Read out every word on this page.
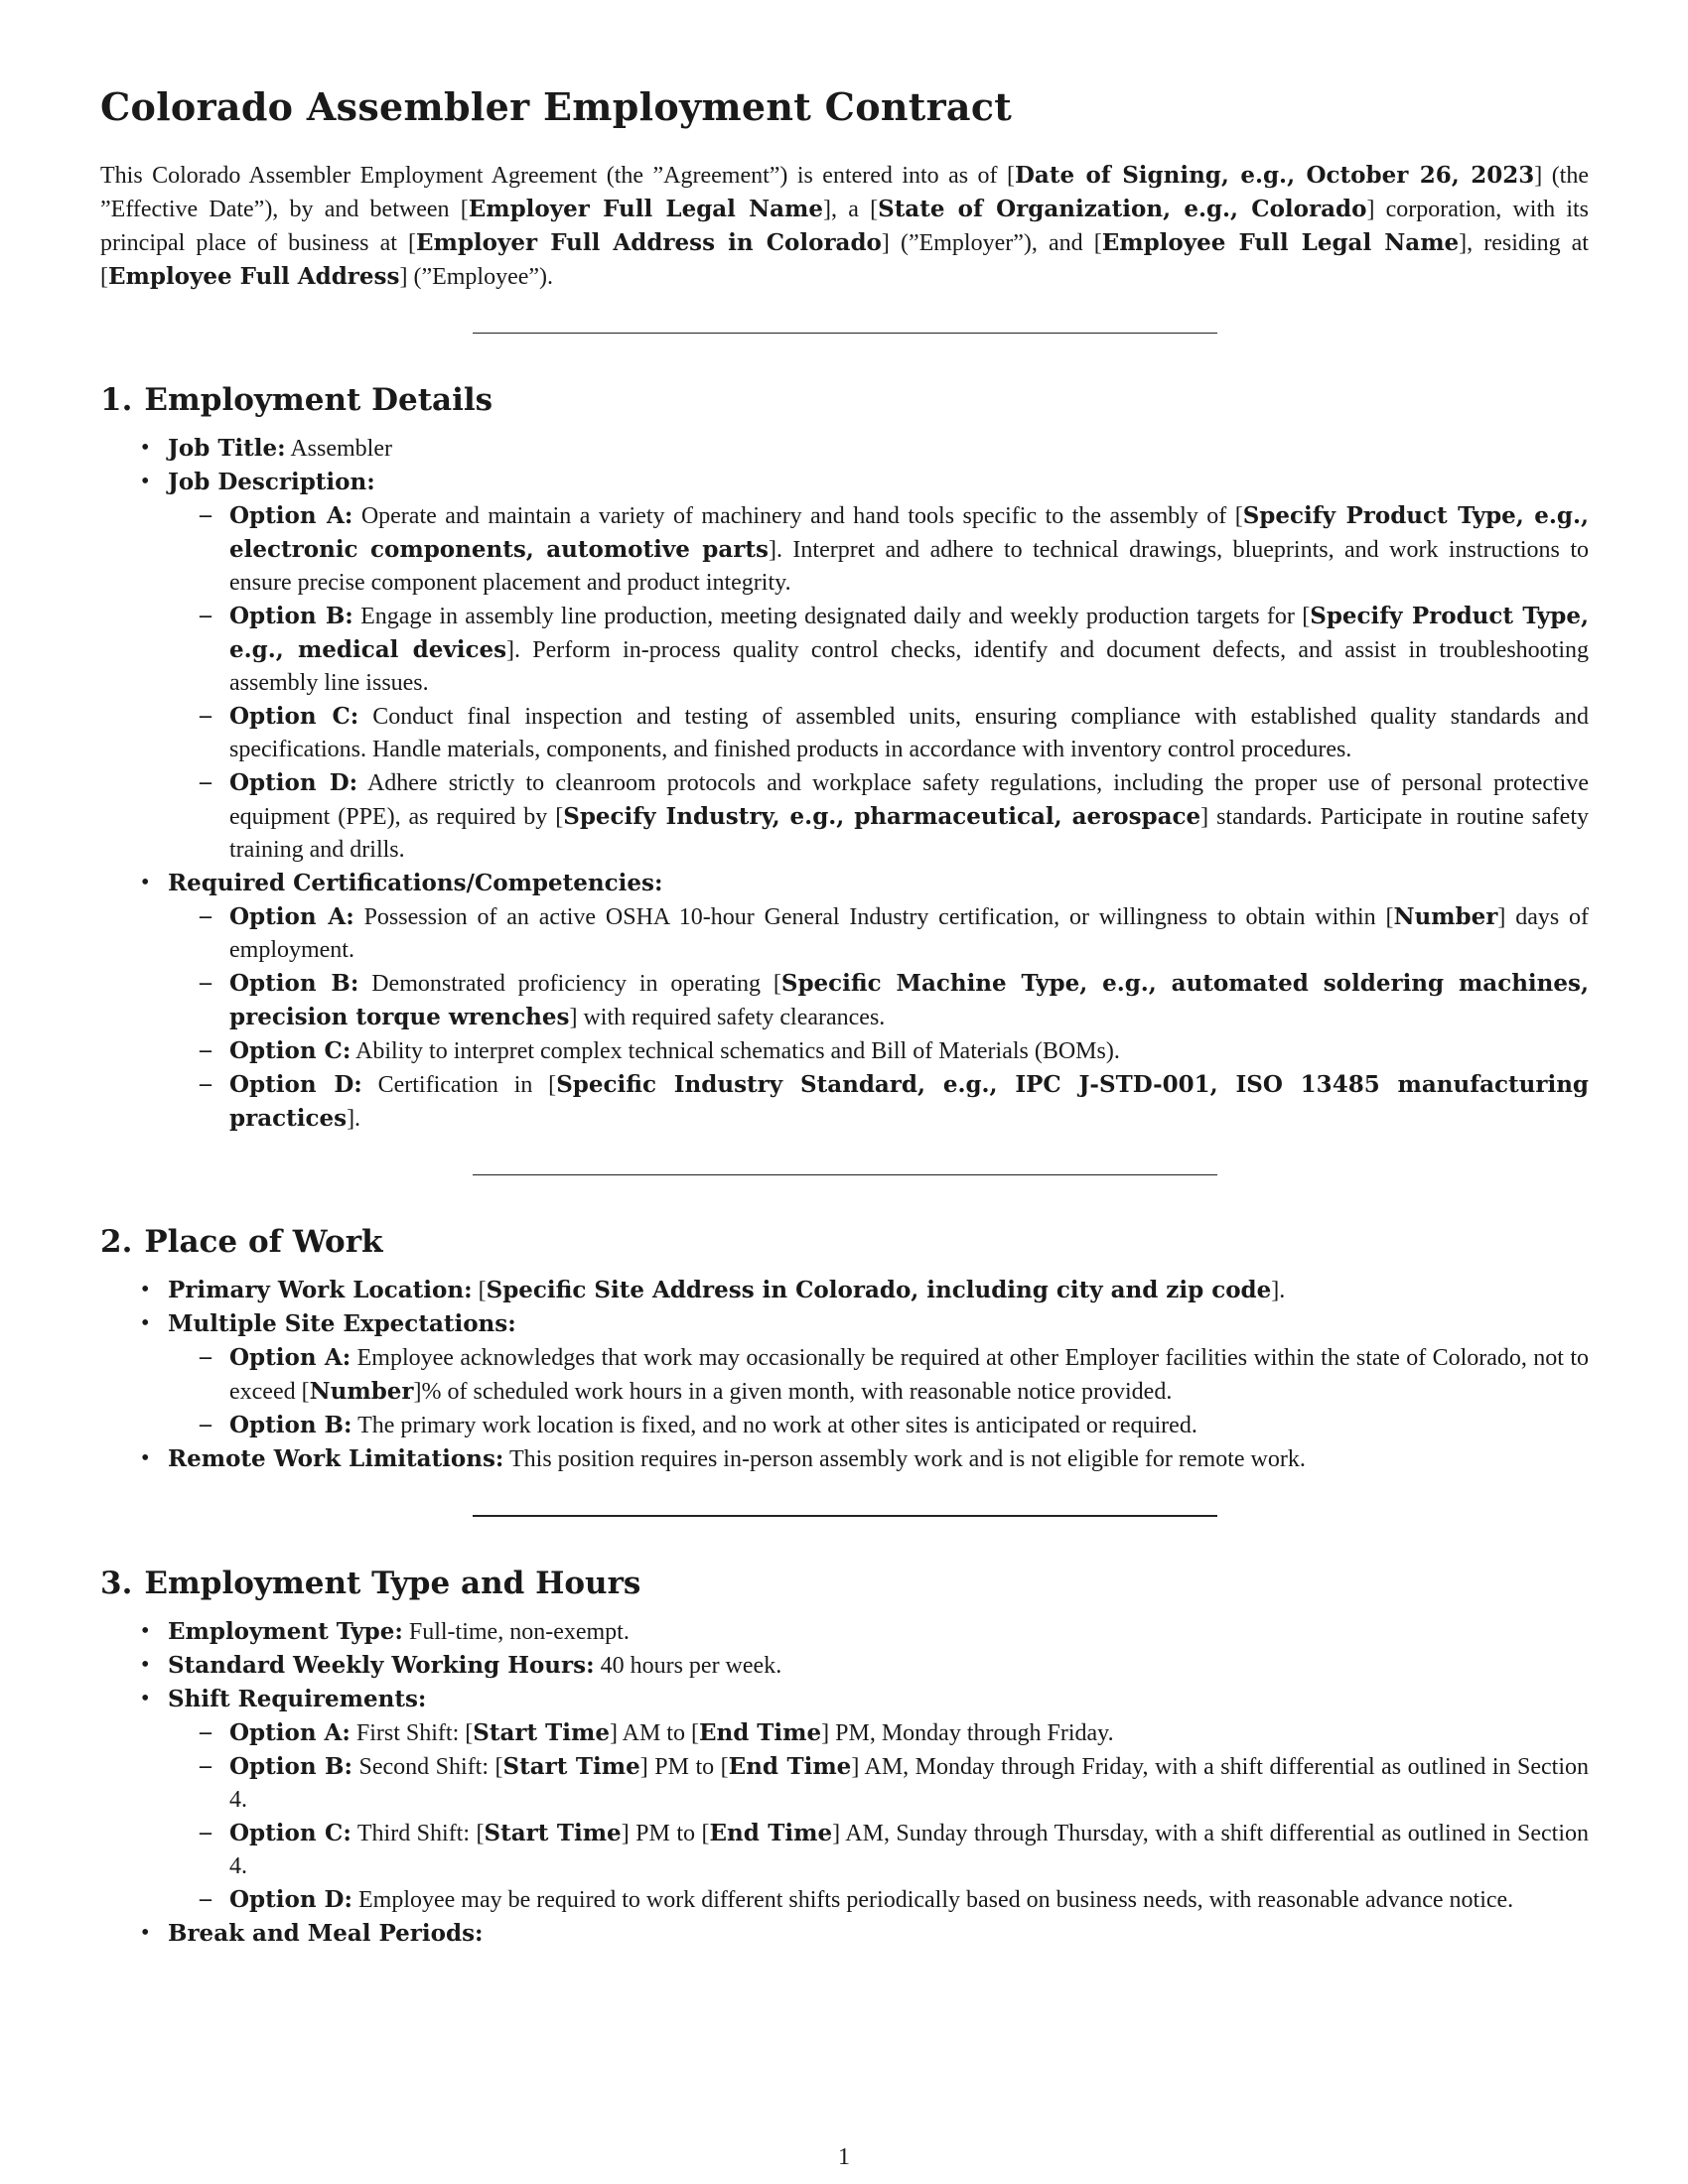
Colorado Assembler Employment Contract

This Colorado Assembler Employment Agreement (the ”Agreement”) is entered into as of [Date of Signing, e.g., October 26, 2023] (the ”Effective Date”), by and between [Employer Full Legal Name], a [State of Organization, e.g., Colorado] corporation, with its principal place of business at [Employer Full Address in Colorado] (”Employer”), and [Employee Full Legal Name], residing at [Employee Full Address] (”Employee”).

1. Employment Details
• Job Title: Assembler
• Job Description:
– Option A: Operate and maintain a variety of machinery and hand tools specific to the assembly of [Specify Product Type, e.g., electronic components, automotive parts]. Interpret and adhere to technical drawings, blueprints, and work instructions to ensure precise component placement and product integrity.
– Option B: Engage in assembly line production, meeting designated daily and weekly production targets for [Specify Product Type, e.g., medical devices]. Perform in-process quality control checks, identify and document defects, and assist in troubleshooting assembly line issues.
– Option C: Conduct final inspection and testing of assembled units, ensuring compliance with established quality standards and specifications. Handle materials, components, and finished products in accordance with inventory control procedures.
– Option D: Adhere strictly to cleanroom protocols and workplace safety regulations, including the proper use of personal protective equipment (PPE), as required by [Specify Industry, e.g., pharmaceutical, aerospace] standards. Participate in routine safety training and drills.
• Required Certifications/Competencies:
– Option A: Possession of an active OSHA 10-hour General Industry certification, or willingness to obtain within [Number] days of employment.
– Option B: Demonstrated proficiency in operating [Specific Machine Type, e.g., automated soldering machines, precision torque wrenches] with required safety clearances.
– Option C: Ability to interpret complex technical schematics and Bill of Materials (BOMs).
– Option D: Certification in [Specific Industry Standard, e.g., IPC J-STD-001, ISO 13485 manufacturing practices].
2. Place of Work
• Primary Work Location: [Specific Site Address in Colorado, including city and zip code].
• Multiple Site Expectations:
– Option A: Employee acknowledges that work may occasionally be required at other Employer facilities within the state of Colorado, not to exceed [Number]% of scheduled work hours in a given month, with reasonable notice provided.
– Option B: The primary work location is fixed, and no work at other sites is anticipated or required.
• Remote Work Limitations: This position requires in-person assembly work and is not eligible for remote work.
3. Employment Type and Hours
• Employment Type: Full-time, non-exempt.
• Standard Weekly Working Hours: 40 hours per week.
• Shift Requirements:
– Option A: First Shift: [Start Time] AM to [End Time] PM, Monday through Friday.
– Option B: Second Shift: [Start Time] PM to [End Time] AM, Monday through Friday, with a shift differential as outlined in Section 4.
– Option C: Third Shift: [Start Time] PM to [End Time] AM, Sunday through Thursday, with a shift differential as outlined in Section 4.
– Option D: Employee may be required to work different shifts periodically based on business needs, with reasonable advance notice.
• Break and Meal Periods:
1
